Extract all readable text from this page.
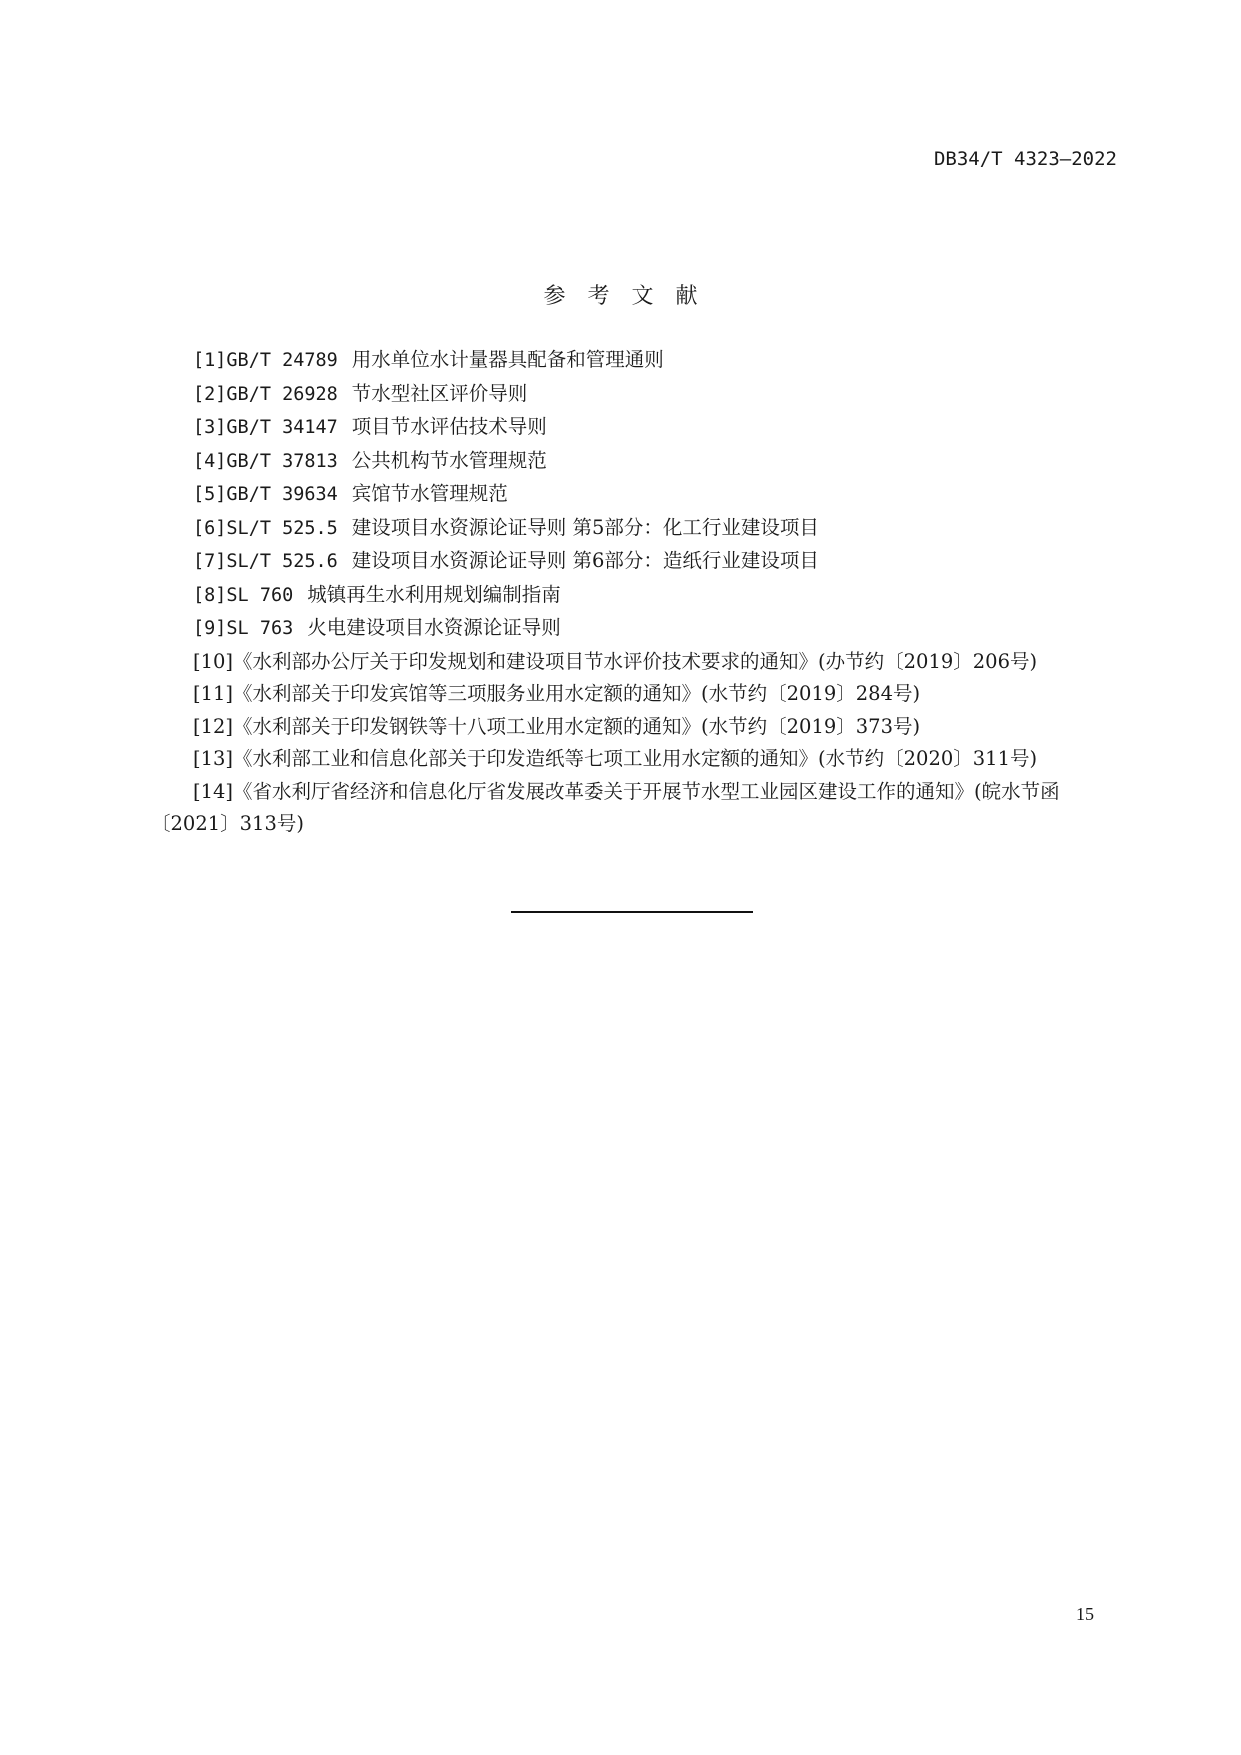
DB34/T 4323—2022
参考文献
[1]GB/T 24789 用水单位水计量器具配备和管理通则
[2]GB/T 26928 节水型社区评价导则
[3]GB/T 34147 项目节水评估技术导则
[4]GB/T 37813 公共机构节水管理规范
[5]GB/T 39634 宾馆节水管理规范
[6]SL/T 525.5 建设项目水资源论证导则 第5部分：化工行业建设项目
[7]SL/T 525.6 建设项目水资源论证导则 第6部分：造纸行业建设项目
[8]SL 760 城镇再生水利用规划编制指南
[9]SL 763 火电建设项目水资源论证导则
[10]《水利部办公厅关于印发规划和建设项目节水评价技术要求的通知》(办节约〔2019〕206号)
[11]《水利部关于印发宾馆等三项服务业用水定额的通知》(水节约〔2019〕284号)
[12]《水利部关于印发钢铁等十八项工业用水定额的通知》(水节约〔2019〕373号)
[13]《水利部工业和信息化部关于印发造纸等七项工业用水定额的通知》(水节约〔2020〕311号)
[14]《省水利厅省经济和信息化厅省发展改革委关于开展节水型工业园区建设工作的通知》(皖水节函〔2021〕313号)
15
